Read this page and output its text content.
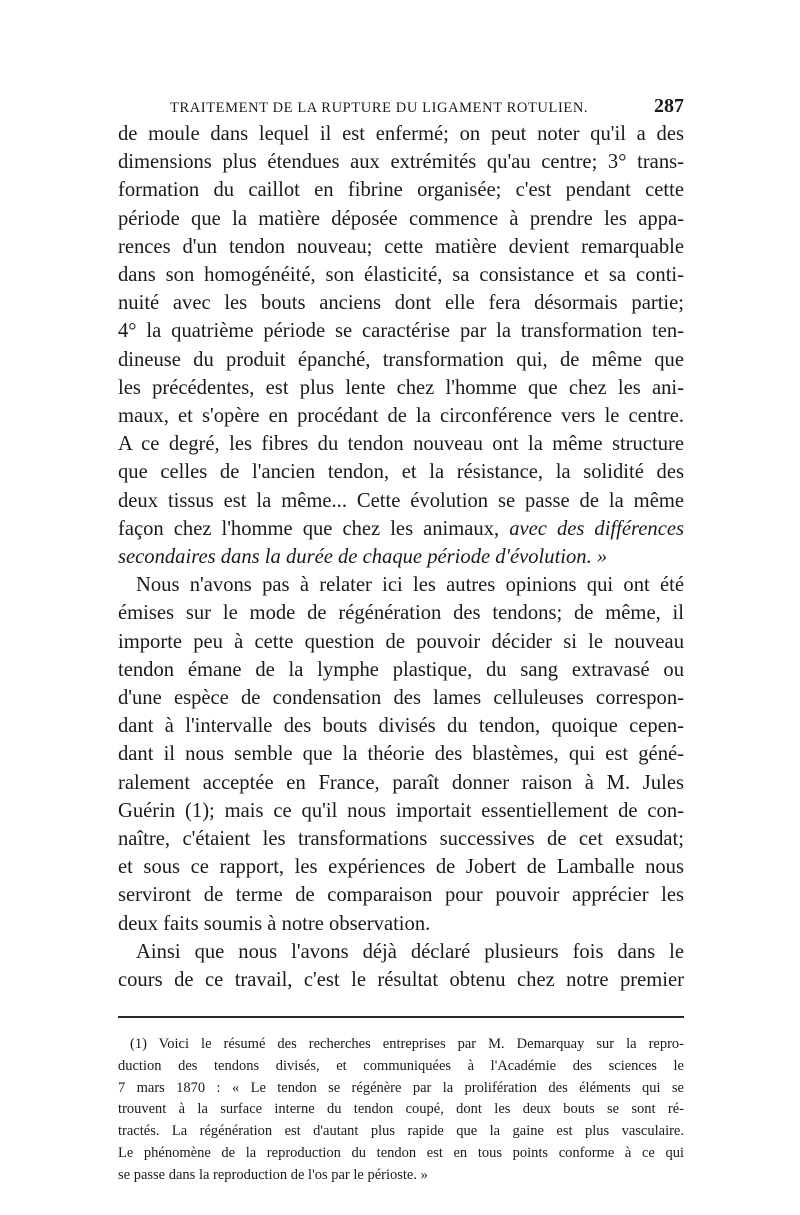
TRAITEMENT DE LA RUPTURE DU LIGAMENT ROTULIEN.	287
de moule dans lequel il est enfermé; on peut noter qu'il a des
dimensions plus étendues aux extrémités qu'au centre; 3° trans-
formation du caillot en fibrine organisée; c'est pendant cette
période que la matière déposée commence à prendre les appa-
rences d'un tendon nouveau; cette matière devient remarquable
dans son homogénéité, son élasticité, sa consistance et sa conti-
nuité avec les bouts anciens dont elle fera désormais partie;
4° la quatrième période se caractérise par la transformation ten-
dineuse du produit épanché, transformation qui, de même que
les précédentes, est plus lente chez l'homme que chez les ani-
maux, et s'opère en procédant de la circonférence vers le centre.
A ce degré, les fibres du tendon nouveau ont la même structure
que celles de l'ancien tendon, et la résistance, la solidité des
deux tissus est la même... Cette évolution se passe de la même
façon chez l'homme que chez les animaux, avec des différences
secondaires dans la durée de chaque période d'évolution. »
Nous n'avons pas à relater ici les autres opinions qui ont été
émises sur le mode de régénération des tendons; de même, il
importe peu à cette question de pouvoir décider si le nouveau
tendon émane de la lymphe plastique, du sang extravasé ou
d'une espèce de condensation des lames celluleuses correspon-
dant à l'intervalle des bouts divisés du tendon, quoique cepen-
dant il nous semble que la théorie des blastèmes, qui est géné-
ralement acceptée en France, paraît donner raison à M. Jules
Guérin (1); mais ce qu'il nous importait essentiellement de con-
naître, c'étaient les transformations successives de cet exsudat;
et sous ce rapport, les expériences de Jobert de Lamballe nous
serviront de terme de comparaison pour pouvoir apprécier les
deux faits soumis à notre observation.
Ainsi que nous l'avons déjà déclaré plusieurs fois dans le
cours de ce travail, c'est le résultat obtenu chez notre premier
(1) Voici le résumé des recherches entreprises par M. Demarquay sur la repro-
duction des tendons divisés, et communiquées à l'Académie des sciences le
7 mars 1870 : « Le tendon se régénère par la prolifération des éléments qui se
trouvent à la surface interne du tendon coupé, dont les deux bouts se sont ré-
tractés. La régénération est d'autant plus rapide que la gaine est plus vasculaire.
Le phénomène de la reproduction du tendon est en tous points conforme à ce qui
se passe dans la reproduction de l'os par le périoste. »
